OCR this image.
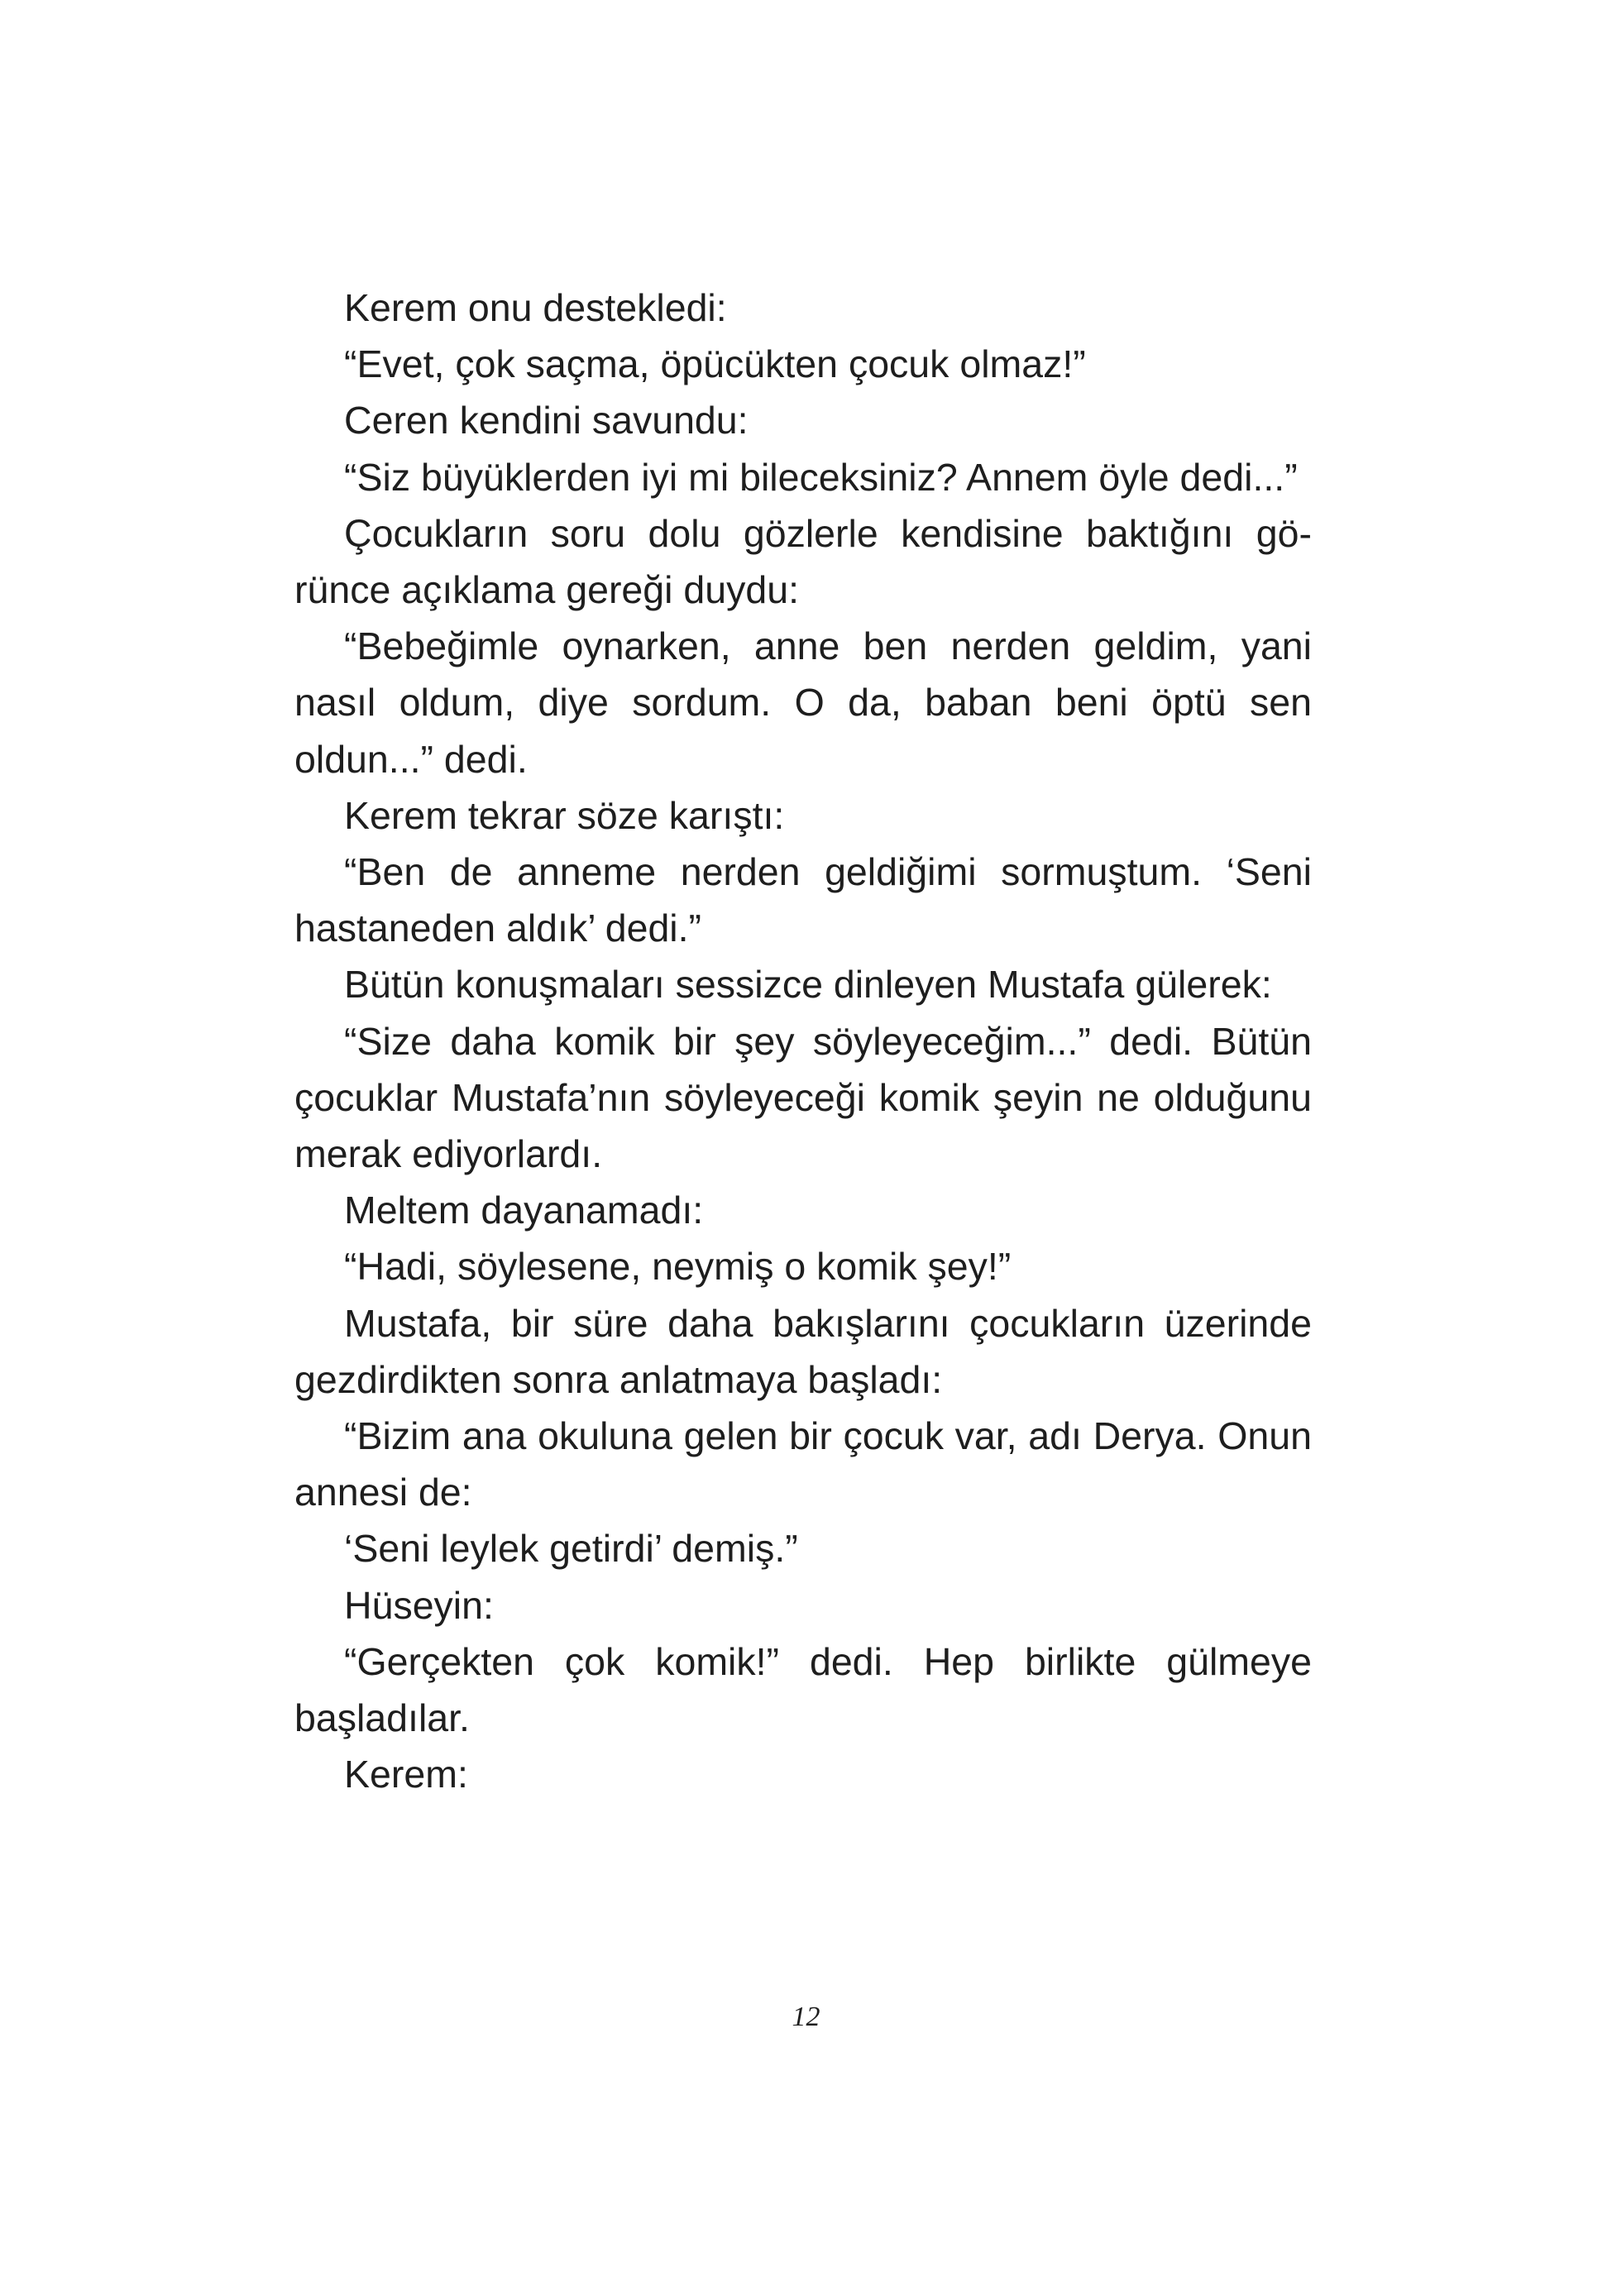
Kerem onu destekledi:

“Evet, çok saçma, öpücükten çocuk olmaz!”

Ceren kendini savundu:

“Siz büyüklerden iyi mi bileceksiniz? Annem öyle dedi...”

Çocukların soru dolu gözlerle kendisine baktığını görünce açıklama gereği duydu:

“Bebeğimle oynarken, anne ben nerden geldim, yani nasıl oldum, diye sordum. O da, baban beni öptü sen oldun...” dedi.

Kerem tekrar söze karıştı:

“Ben de anneme nerden geldiğimi sormuştum. ‘Seni hastaneden aldık’ dedi.”

Bütün konuşmaları sessizce dinleyen Mustafa gülerek:

“Size daha komik bir şey söyleyeceğim...” dedi. Bütün çocuklar Mustafa’nın söyleyeceği komik şeyin ne olduğunu merak ediyorlardı.

Meltem dayanamadı:

“Hadi, söylesene, neymiş o komik şey!”

Mustafa, bir süre daha bakışlarını çocukların üzerinde gezdirdikten sonra anlatmaya başladı:

“Bizim ana okuluna gelen bir çocuk var, adı Derya. Onun annesi de:

‘Seni leylek getirdi’ demiş.”

Hüseyin:

“Gerçekten çok komik!” dedi. Hep birlikte gülmeye başladılar.

Kerem:

12
